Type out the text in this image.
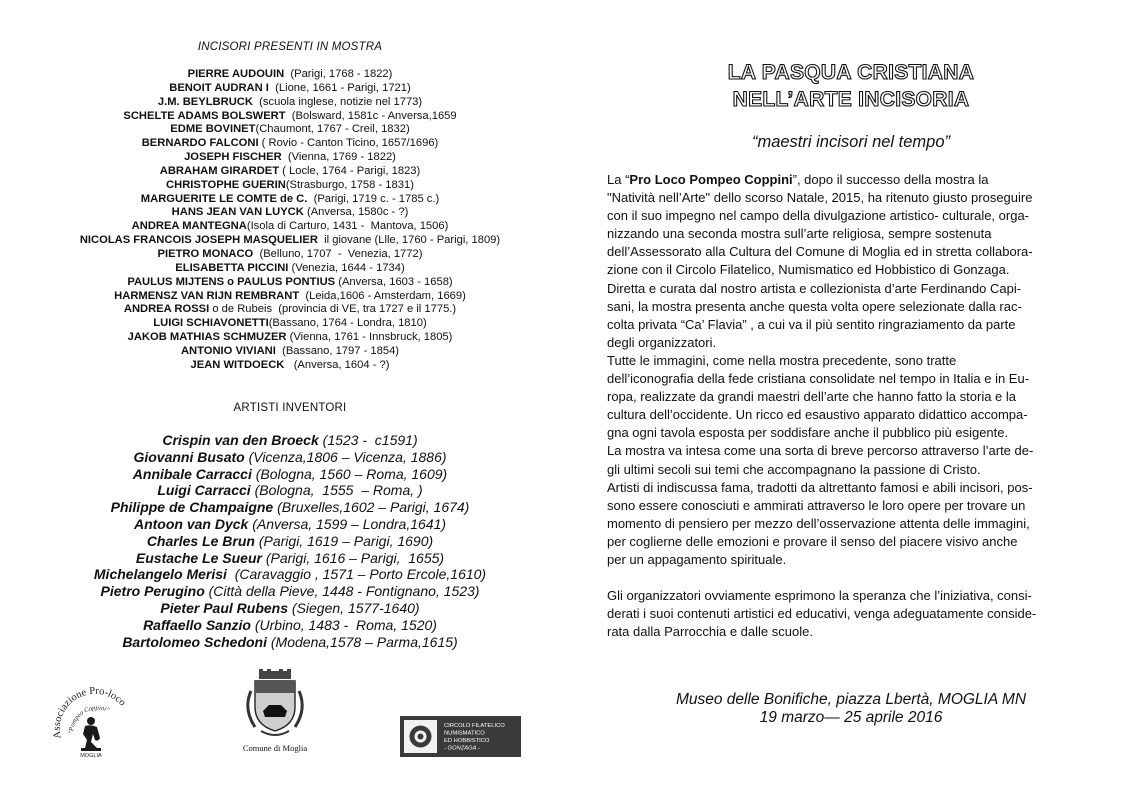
INCISORI PRESENTI IN MOSTRA
PIERRE AUDOUIN  (Parigi, 1768 - 1822)
BENOIT AUDRAN I  (Lione, 1661 - Parigi, 1721)
J.M. BEYLBRUCK  (scuola inglese, notizie nel 1773)
SCHELTE ADAMS BOLSWERT  (Bolsward, 1581c - Anversa,1659
EDME BOVINET(Chaumont, 1767 - Creil, 1832)
BERNARDO FALCONI ( Rovio - Canton Ticino, 1657/1696)
JOSEPH FISCHER  (Vienna, 1769 - 1822)
ABRAHAM GIRARDET ( Locle, 1764 - Parigi, 1823)
CHRISTOPHE GUERIN(Strasburgo, 1758 - 1831)
MARGUERITE LE COMTE de C.  (Parigi, 1719 c. - 1785 c.)
HANS JEAN VAN LUYCK (Anversa, 1580c - ?)
ANDREA MANTEGNA(Isola di Carturo, 1431 -  Mantova, 1506)
NICOLAS FRANCOIS JOSEPH MASQUELIER  il giovane (Llle, 1760 - Parigi, 1809)
PIETRO MONACO  (Belluno, 1707  -  Venezia, 1772)
ELISABETTA PICCINI (Venezia, 1644 - 1734)
PAULUS MIJTENS o PAULUS PONTIUS (Anversa, 1603 - 1658)
HARMENSZ VAN RIJN REMBRANT  (Leida,1606 - Amsterdam, 1669)
ANDREA ROSSI o de Rubeis  (provincia di VE, tra 1727 e il 1775.)
LUIGI SCHIAVONETTI(Bassano, 1764 - Londra, 1810)
JAKOB MATHIAS SCHMUZER (Vienna, 1761 - Innsbruck, 1805)
ANTONIO VIVIANI  (Bassano, 1797 - 1854)
JEAN WITDOECK   (Anversa, 1604 - ?)
ARTISTI INVENTORI
Crispin van den Broeck (1523 -  c1591)
Giovanni Busato (Vicenza,1806 – Vicenza, 1886)
Annibale Carracci (Bologna, 1560 – Roma, 1609)
Luigi Carracci (Bologna,  1555  – Roma, )
Philippe de Champaigne (Bruxelles,1602 – Parigi, 1674)
Antoon van Dyck (Anversa, 1599 – Londra,1641)
Charles Le Brun (Parigi, 1619 – Parigi, 1690)
Eustache Le Sueur (Parigi, 1616 – Parigi,  1655)
Michelangelo Merisi  (Caravaggio , 1571 – Porto Ercole,1610)
Pietro Perugino (Città della Pieve, 1448 - Fontignano, 1523)
Pieter Paul Rubens (Siegen, 1577-1640)
Raffaello Sanzio (Urbino, 1483 -  Roma, 1520)
Bartolomeo Schedoni (Modena,1578 – Parma,1615)
Associazione Pro-loco
"Pompeo Coppini"
MOGLIA
Comune di Moglia
CIRCOLO FILATELICO NUMISMATICO ED HOBBISTICO - GONZAGA -
LA PASQUA CRISTIANA
NELL’ARTE INCISORIA
“maestri incisori nel tempo”
La “Pro Loco Pompeo Coppini”, dopo il successo della mostra la
"Natività nell’Arte" dello scorso Natale, 2015, ha ritenuto giusto proseguire
con il suo impegno nel campo della divulgazione artistico- culturale, orga-
nizzando una seconda mostra sull’arte religiosa, sempre sostenuta
dell’Assessorato alla Cultura del Comune di Moglia ed in stretta collabora-
zione con il Circolo Filatelico, Numismatico ed Hobbistico di Gonzaga.
Diretta e curata dal nostro artista e collezionista d’arte Ferdinando Capi-
sani, la mostra presenta anche questa volta opere selezionate dalla rac-
colta privata “Ca’ Flavia” , a cui va il più sentito ringraziamento da parte
degli organizzatori.
Tutte le immagini, come nella mostra precedente, sono tratte
dell’iconografia della fede cristiana consolidate nel tempo in Italia e in Eu-
ropa, realizzate da grandi maestri dell’arte che hanno fatto la storia e la
cultura dell’occidente. Un ricco ed esaustivo apparato didattico accompa-
gna ogni tavola esposta per soddisfare anche il pubblico più esigente.
La mostra va intesa come una sorta di breve percorso attraverso l’arte de-
gli ultimi secoli sui temi che accompagnano la passione di Cristo.
Artisti di indiscussa fama, tradotti da altrettanto famosi e abili incisori, pos-
sono essere conosciuti e ammirati attraverso le loro opere per trovare un
momento di pensiero per mezzo dell’osservazione attenta delle immagini,
per coglierne delle emozioni e provare il senso del piacere visivo anche
per un appagamento spirituale.
Gli organizzatori ovviamente esprimono la speranza che l’iniziativa, consi-
derati i suoi contenuti artistici ed educativi, venga adeguatamente conside-
rata dalla Parrocchia e dalle scuole.
Museo delle Bonifiche, piazza Lbertà, MOGLIA MN
19 marzo— 25 aprile 2016
